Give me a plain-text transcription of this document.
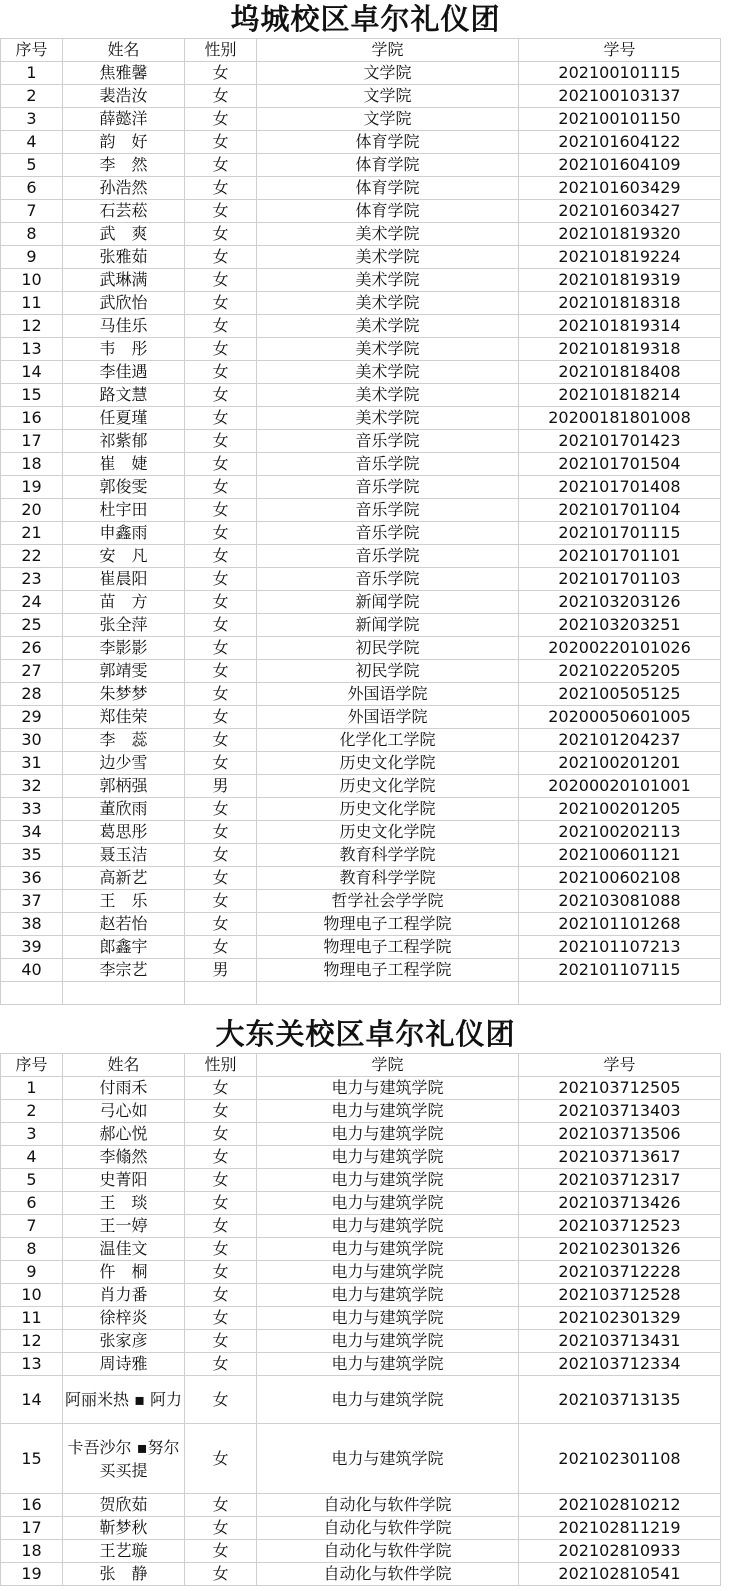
坞城校区卓尔礼仪团
序号	姓名	性别	学院	学号
1	焦雅馨	女	文学院	202100101115
2	裴浩汝	女	文学院	202100103137
3	薛懿洋	女	文学院	202100101150
4	韵　好	女	体育学院	202101604122
5	李　然	女	体育学院	202101604109
6	孙浩然	女	体育学院	202101603429
7	石芸菘	女	体育学院	202101603427
8	武　爽	女	美术学院	202101819320
9	张雅茹	女	美术学院	202101819224
10	武琳满	女	美术学院	202101819319
11	武欣怡	女	美术学院	202101818318
12	马佳乐	女	美术学院	202101819314
13	韦　彤	女	美术学院	202101819318
14	李佳遇	女	美术学院	202101818408
15	路文慧	女	美术学院	202101818214
16	任夏瑾	女	美术学院	20200181801008
17	祁紫郁	女	音乐学院	202101701423
18	崔　婕	女	音乐学院	202101701504
19	郭俊雯	女	音乐学院	202101701408
20	杜宇田	女	音乐学院	202101701104
21	申鑫雨	女	音乐学院	202101701115
22	安　凡	女	音乐学院	202101701101
23	崔晨阳	女	音乐学院	202101701103
24	苗　方	女	新闻学院	202103203126
25	张全萍	女	新闻学院	202103203251
26	李影影	女	初民学院	20200220101026
27	郭靖雯	女	初民学院	202102205205
28	朱梦梦	女	外国语学院	202100505125
29	郑佳荣	女	外国语学院	20200050601005
30	李　蕊	女	化学化工学院	202101204237
31	边少雪	女	历史文化学院	202100201201
32	郭柄强	男	历史文化学院	20200020101001
33	董欣雨	女	历史文化学院	202100201205
34	葛思彤	女	历史文化学院	202100202113
35	聂玉洁	女	教育科学学院	202100601121
36	高新艺	女	教育科学学院	202100602108
37	王　乐	女	哲学社会学学院	202103081088
38	赵若怡	女	物理电子工程学院	202101101268
39	郎鑫宇	女	物理电子工程学院	202101107213
40	李宗艺	男	物理电子工程学院	202101107115

大东关校区卓尔礼仪团
序号	姓名	性别	学院	学号
1	付雨禾	女	电力与建筑学院	202103712505
2	弓心如	女	电力与建筑学院	202103713403
3	郝心悦	女	电力与建筑学院	202103713506
4	李翛然	女	电力与建筑学院	202103713617
5	史菁阳	女	电力与建筑学院	202103712317
6	王　琰	女	电力与建筑学院	202103713426
7	王一婷	女	电力与建筑学院	202103712523
8	温佳文	女	电力与建筑学院	202102301326
9	仵　桐	女	电力与建筑学院	202103712228
10	肖力番	女	电力与建筑学院	202103712528
11	徐梓炎	女	电力与建筑学院	202102301329
12	张家彦	女	电力与建筑学院	202103713431
13	周诗雅	女	电力与建筑学院	202103712334
14	阿丽米热 ▪ 阿力	女	电力与建筑学院	202103713135
15	卡吾沙尔 ▪努尔买买提	女	电力与建筑学院	202102301108
16	贺欣茹	女	自动化与软件学院	202102810212
17	靳梦秋	女	自动化与软件学院	202102811219
18	王艺璇	女	自动化与软件学院	202102810933
19	张　静	女	自动化与软件学院	202102810541
